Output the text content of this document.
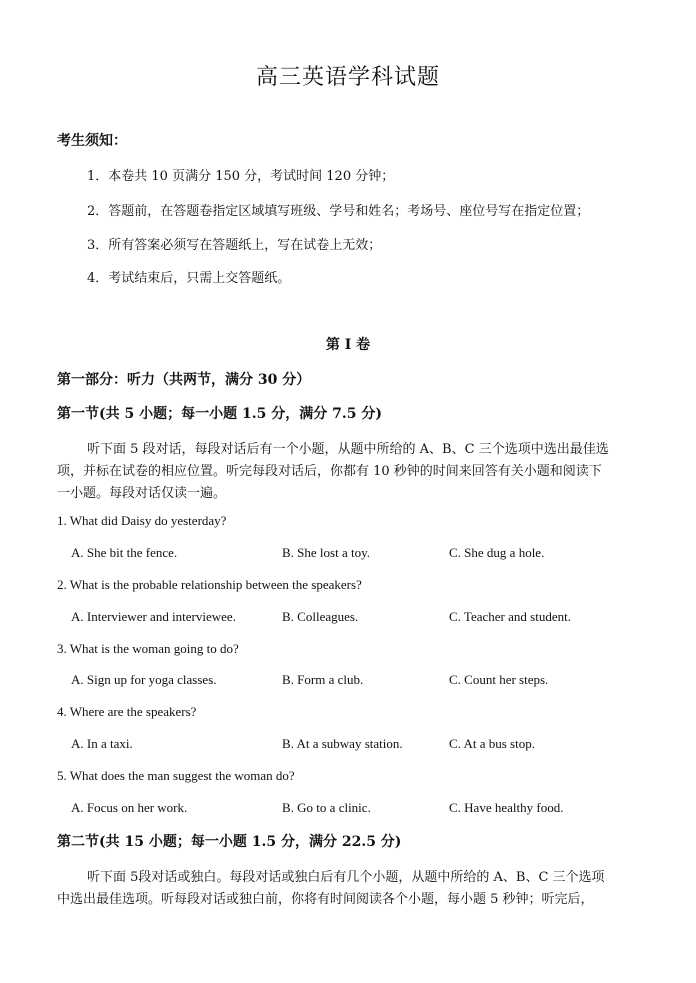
高三英语学科试题
考生须知：
1．本卷共 10 页满分 150 分，考试时间 120 分钟；
2．答题前，在答题卷指定区域填写班级、学号和姓名；考场号、座位号写在指定位置；
3．所有答案必须写在答题纸上，写在试卷上无效；
4．考试结束后，只需上交答题纸。
第 I 卷
第一部分：听力（共两节，满分 30 分）
第一节(共 5 小题；每一小题 1.5 分，满分 7.5 分)
听下面 5 段对话，每段对话后有一个小题，从题中所给的 A、B、C 三个选项中选出最佳选
项，并标在试卷的相应位置。听完每段对话后，你都有 10 秒钟的时间来回答有关小题和阅读下
一小题。每段对话仅读一遍。
1. What did Daisy do yesterday?
A. She bit the fence.	B. She lost a toy.	C. She dug a hole.
2. What is the probable relationship between the speakers?
A. Interviewer and interviewee.	B. Colleagues.	C. Teacher and student.
3. What is the woman going to do?
A. Sign up for yoga classes.	B. Form a club.	C. Count her steps.
4. Where are the speakers?
A. In a taxi.	B. At a subway station.	C. At a bus stop.
5. What does the man suggest the woman do?
A. Focus on her work.	B. Go to a clinic.	C. Have healthy food.
第二节(共 15 小题；每一小题 1.5 分，满分 22.5 分)
听下面 5段对话或独白。每段对话或独白后有几个小题，从题中所给的 A、B、C 三个选项
中选出最佳选项。听每段对话或独白前，你将有时间阅读各个小题，每小题 5 秒钟；听完后，
